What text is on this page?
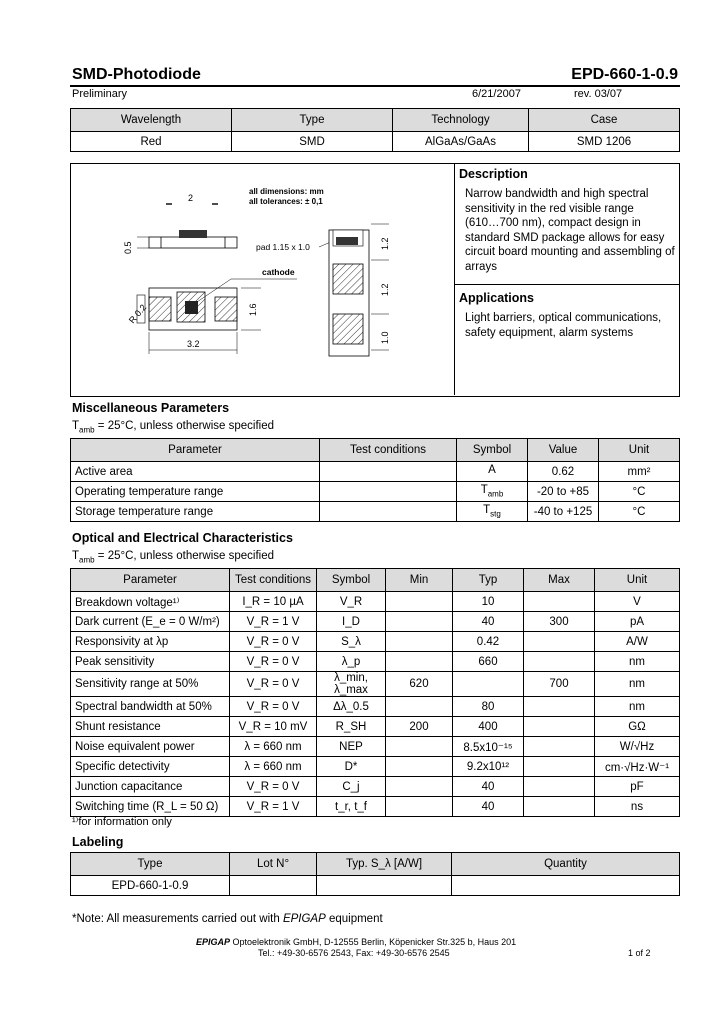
SMD-Photodiode	EPD-660-1-0.9
Preliminary	6/21/2007	rev. 03/07
Wavelength	Type	Technology	Case
Red	SMD	AlGaAs/GaAs	SMD 1206
2
0.5
3.2
1.6
R 0.2
all dimensions: mm
all tolerances: ± 0,1
pad 1.15 x 1.0
cathode
1.2
1.2
1.0
Description
Narrow bandwidth and high spectral
sensitivity in the red visible range
(610…700 nm), compact design in
standard SMD package allows for easy
circuit board mounting and assembling of
arrays
Applications
Light barriers, optical communications,
safety equipment, alarm systems
Miscellaneous Parameters
$T_{amb} = 25^\circ C$, unless otherwise specified
Parameter	Test conditions	Symbol	Value	Unit
Active area		A	0.62	mm²
Operating temperature range		$T_{amb}$	-20 to +85	°C
Storage temperature range		$T_{stg}$	-40 to +125	°C
Optical and Electrical Characteristics
$T_{amb} = 25^\circ C$, unless otherwise specified
Parameter	Test conditions	Symbol	Min	Typ	Max	Unit
Breakdown voltage¹⁾	I_R = 10 µA	V_R		10		V
Dark current (E_e = 0 W/m²)	V_R = 1 V	I_D		40	300	pA
Responsivity at λp	V_R = 0 V	S_λ		0.42		A/W
Peak sensitivity	V_R = 0 V	λ_p		660		nm
Sensitivity range at 50%	V_R = 0 V	λ_min, λ_max	620		700	nm
Spectral bandwidth at 50%	V_R = 0 V	Δλ_0.5		80		nm
Shunt resistance	V_R = 10 mV	R_SH	200	400		GΩ
Noise equivalent power	λ = 660 nm	NEP		8.5x10⁻¹⁵		W/√Hz
Specific detectivity	λ = 660 nm	D*		9.2x10¹²		cm·√Hz·W⁻¹
Junction capacitance	V_R = 0 V	C_j		40		pF
Switching time (R_L = 50 Ω)	V_R = 1 V	t_r, t_f		40		ns
¹⁾for information only
Labeling
Type	Lot N°	Typ. S_λ [A/W]	Quantity
EPD-660-1-0.9			
*Note: All measurements carried out with EPIGAP equipment
EPIGAP Optoelektronik GmbH, D-12555 Berlin, Köpenicker Str.325 b, Haus 201
Tel.: +49-30-6576 2543, Fax: +49-30-6576 2545	1 of 2
